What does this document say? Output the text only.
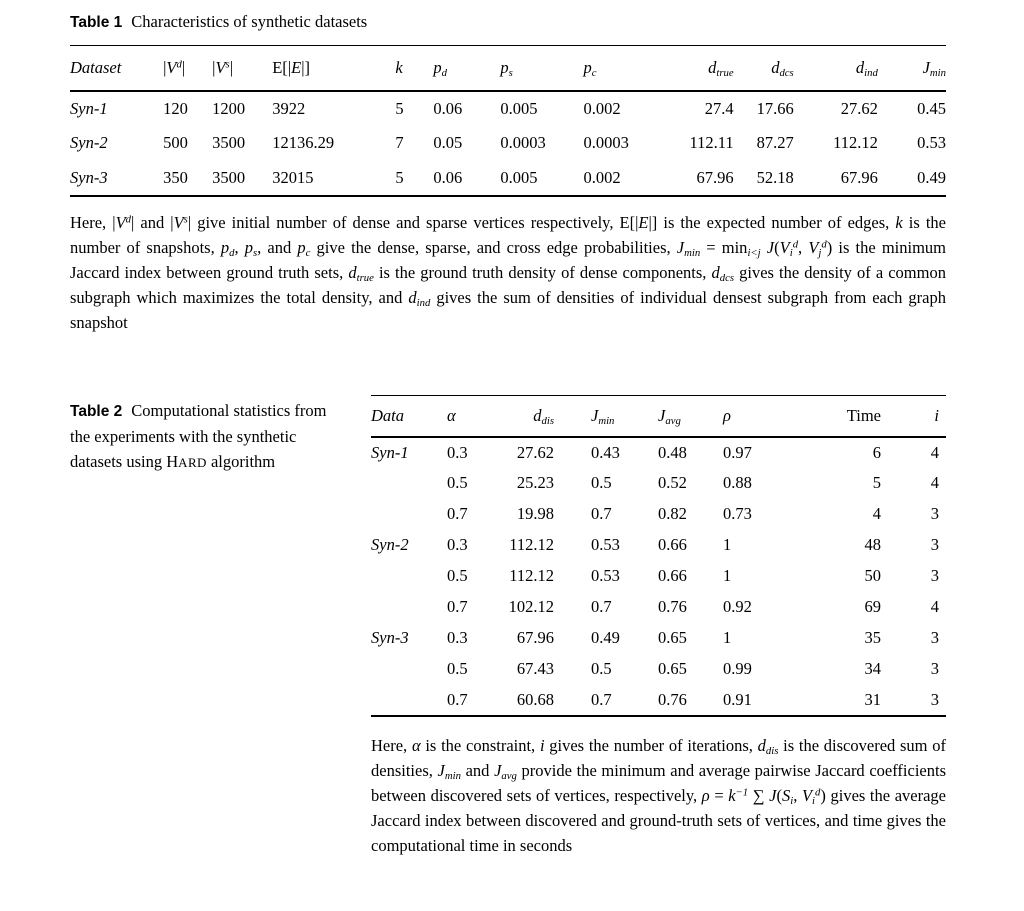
Table 1 Characteristics of synthetic datasets
Dataset	$|V^d|$	$|V^s|$	E[|E|]	k	$p_d$	$p_s$	$p_c$	$d_{true}$	$d_{dcs}$	$d_{ind}$	$J_{min}$
Syn-1	120	1200	3922	5	0.06	0.005	0.002	27.4	17.66	27.62	0.45
Syn-2	500	3500	12136.29	7	0.05	0.0003	0.0003	112.11	87.27	112.12	0.53
Syn-3	350	3500	32015	5	0.06	0.005	0.002	67.96	52.18	67.96	0.49

Here, $|V^d|$ and $|V^s|$ give initial number of dense and sparse vertices respectively, E[|E|] is the expected number of edges, k is the number of snapshots, $p_d$, $p_s$, and $p_c$ give the dense, sparse, and cross edge probabilities, $J_{min} = \min_{i<j} J(V_i^d$, $V_j^d$) is the minimum Jaccard index between ground truth sets, $d_{true}$ is the ground truth density of dense components, $d_{dcs}$ gives the density of a common subgraph which maximizes the total density, and $d_{ind}$ gives the sum of densities of individual densest subgraph from each graph snapshot

Table 2 Computational statistics from the experiments with the synthetic datasets using HARD algorithm
Data	α	$d_{dis}$	$J_{min}$	$J_{avg}$	ρ	Time	i
Syn-1	0.3	27.62	0.43	0.48	0.97	6	4
	0.5	25.23	0.5	0.52	0.88	5	4
	0.7	19.98	0.7	0.82	0.73	4	3
Syn-2	0.3	112.12	0.53	0.66	1	48	3
	0.5	112.12	0.53	0.66	1	50	3
	0.7	102.12	0.7	0.76	0.92	69	4
Syn-3	0.3	67.96	0.49	0.65	1	35	3
	0.5	67.43	0.5	0.65	0.99	34	3
	0.7	60.68	0.7	0.76	0.91	31	3

Here, α is the constraint, i gives the number of iterations, $d_{dis}$ is the discovered sum of densities, $J_{min}$ and $J_{avg}$ provide the minimum and average pairwise Jaccard coefficients between discovered sets of vertices, respectively, $\rho = k^{-1}$ ∑ $J(S_i$, $V_i^d$) gives the average Jaccard index between discovered and ground-truth sets of vertices, and time gives the computational time in seconds
